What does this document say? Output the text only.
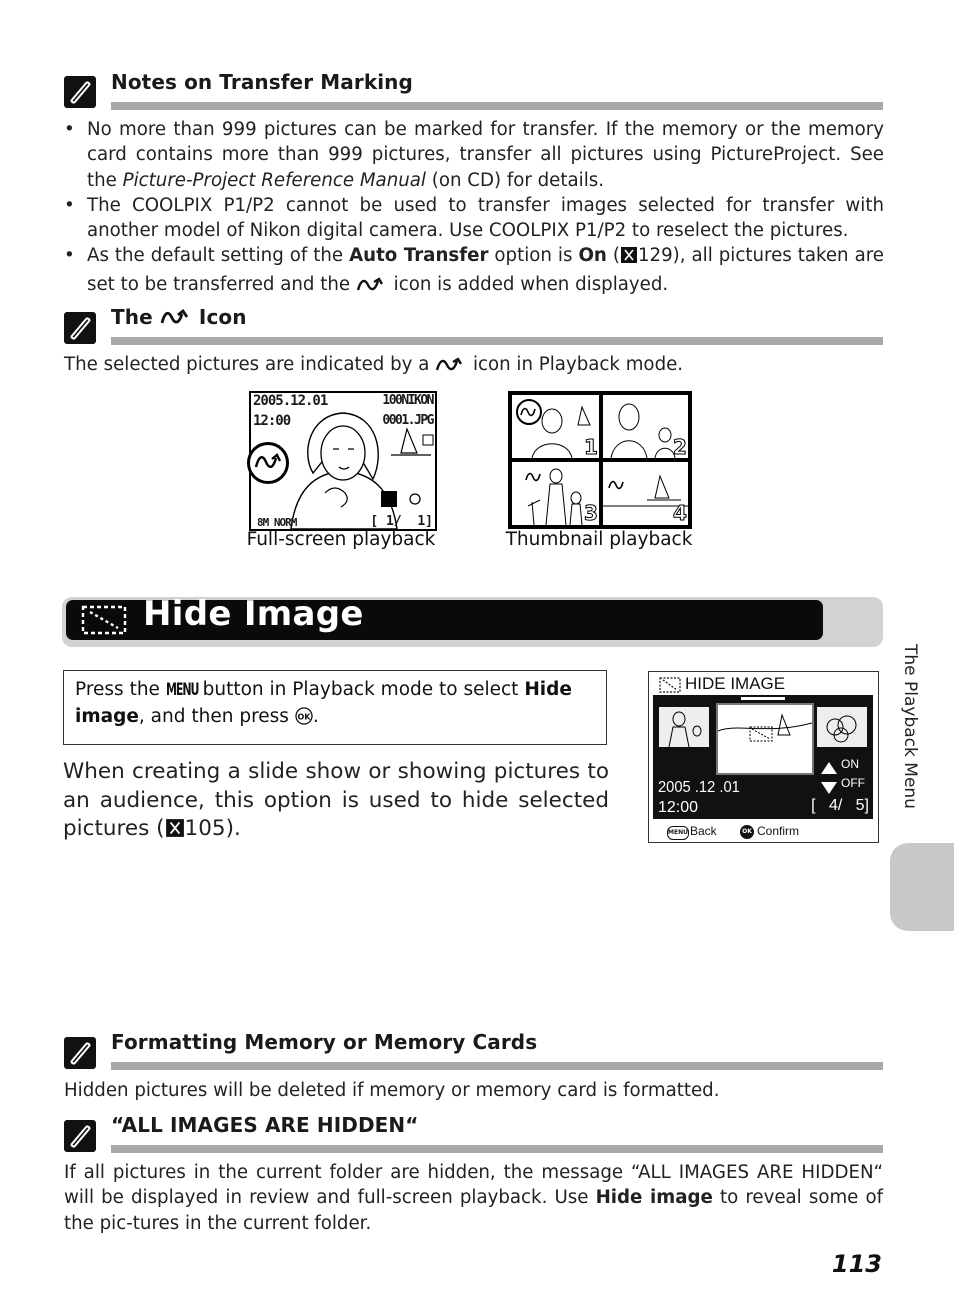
Notes on Transfer Marking
• No more than 999 pictures can be marked for transfer. If the memory or the memory card contains more than 999 pictures, transfer all pictures using PictureProject. See the Picture-Project Reference Manual (on CD) for details.
• The COOLPIX P1/P2 cannot be used to transfer images selected for transfer with another model of Nikon digital camera. Use COOLPIX P1/P2 to reselect the pictures.
• As the default setting of the Auto Transfer option is On ( 129), all pictures taken are set to be transferred and the  icon is added when displayed.
The Icon
The selected pictures are indicated by a icon in Playback mode.
2005.12.01
12:00
100NIKON
0001.JPG
8M NORM	[ 1/ 1]
Full-screen playback
1	2
3	4
Thumbnail playback
Hide Image
Press the MENU button in Playback mode to select Hide image, and then press OK .
When creating a slide show or showing pictures to an audience, this option is used to hide selected pictures ( 105).
HIDE IMAGE
ON
OFF
2005 .12 .01
12:00	[   4/ 5]
MENU Back	OK Confirm
The Playback Menu
Formatting Memory or Memory Cards
Hidden pictures will be deleted if memory or memory card is formatted.
“ALL IMAGES ARE HIDDEN“
If all pictures in the current folder are hidden, the message “ALL IMAGES ARE HIDDEN“ will be displayed in review and full-screen playback. Use Hide image to reveal some of the pic-tures in the current folder.
113
